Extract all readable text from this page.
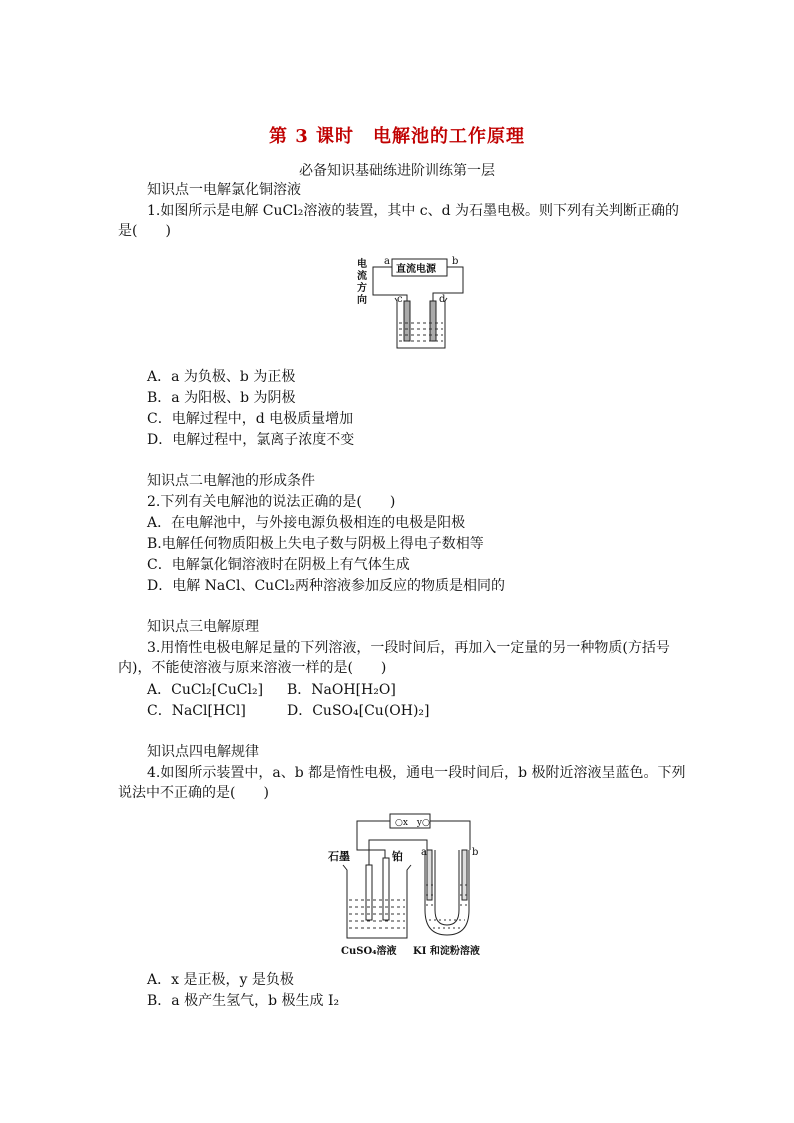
第 3 课时　电解池的工作原理
必备知识基础练进阶训练第一层
知识点一电解氯化铜溶液
1.如图所示是电解 CuCl₂溶液的装置，其中 c、d 为石墨电极。则下列有关判断正确的
是(　　)
电
流
方
向
直流电源
a	b
c	d
A．a 为负极、b 为正极
B．a 为阳极、b 为阴极
C．电解过程中，d 电极质量增加
D．电解过程中，氯离子浓度不变
知识点二电解池的形成条件
2.下列有关电解池的说法正确的是(　　)
A．在电解池中，与外接电源负极相连的电极是阳极
B.电解任何物质阳极上失电子数与阴极上得电子数相等
C．电解氯化铜溶液时在阴极上有气体生成
D．电解 NaCl、CuCl₂两种溶液参加反应的物质是相同的
知识点三电解原理
3.用惰性电极电解足量的下列溶液，一段时间后，再加入一定量的另一种物质(方括号
内)，不能使溶液与原来溶液一样的是(　　)
A．CuCl₂[CuCl₂] B．NaOH[H₂O]
C．NaCl[HCl]	D．CuSO₄[Cu(OH)₂]
知识点四电解规律
4.如图所示装置中，a、b 都是惰性电极，通电一段时间后，b 极附近溶液呈蓝色。下列
说法中不正确的是(　　)
○x　y○
石墨	铂 a	b
CuSO₄溶液 KI 和淀粉溶液
A．x 是正极，y 是负极
B．a 极产生氢气，b 极生成 I₂
